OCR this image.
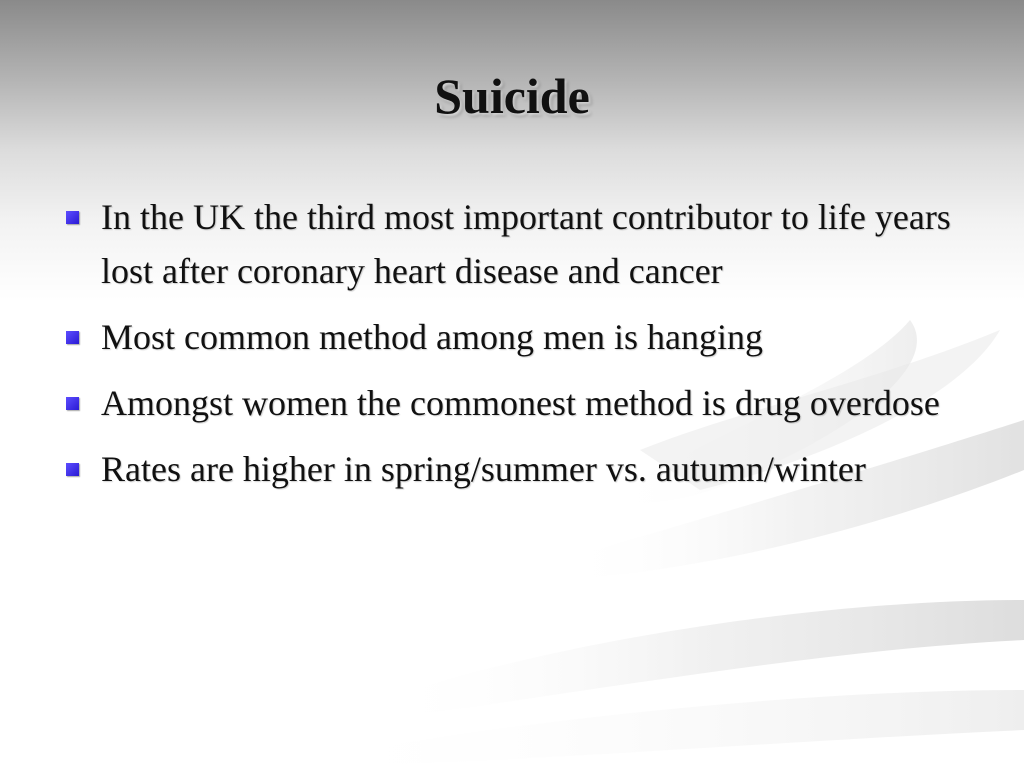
Suicide
In the UK the third most important contributor to life years lost after coronary heart disease and cancer
Most common method among men is hanging
Amongst women the commonest method is drug overdose
Rates are higher in spring/summer vs. autumn/winter
